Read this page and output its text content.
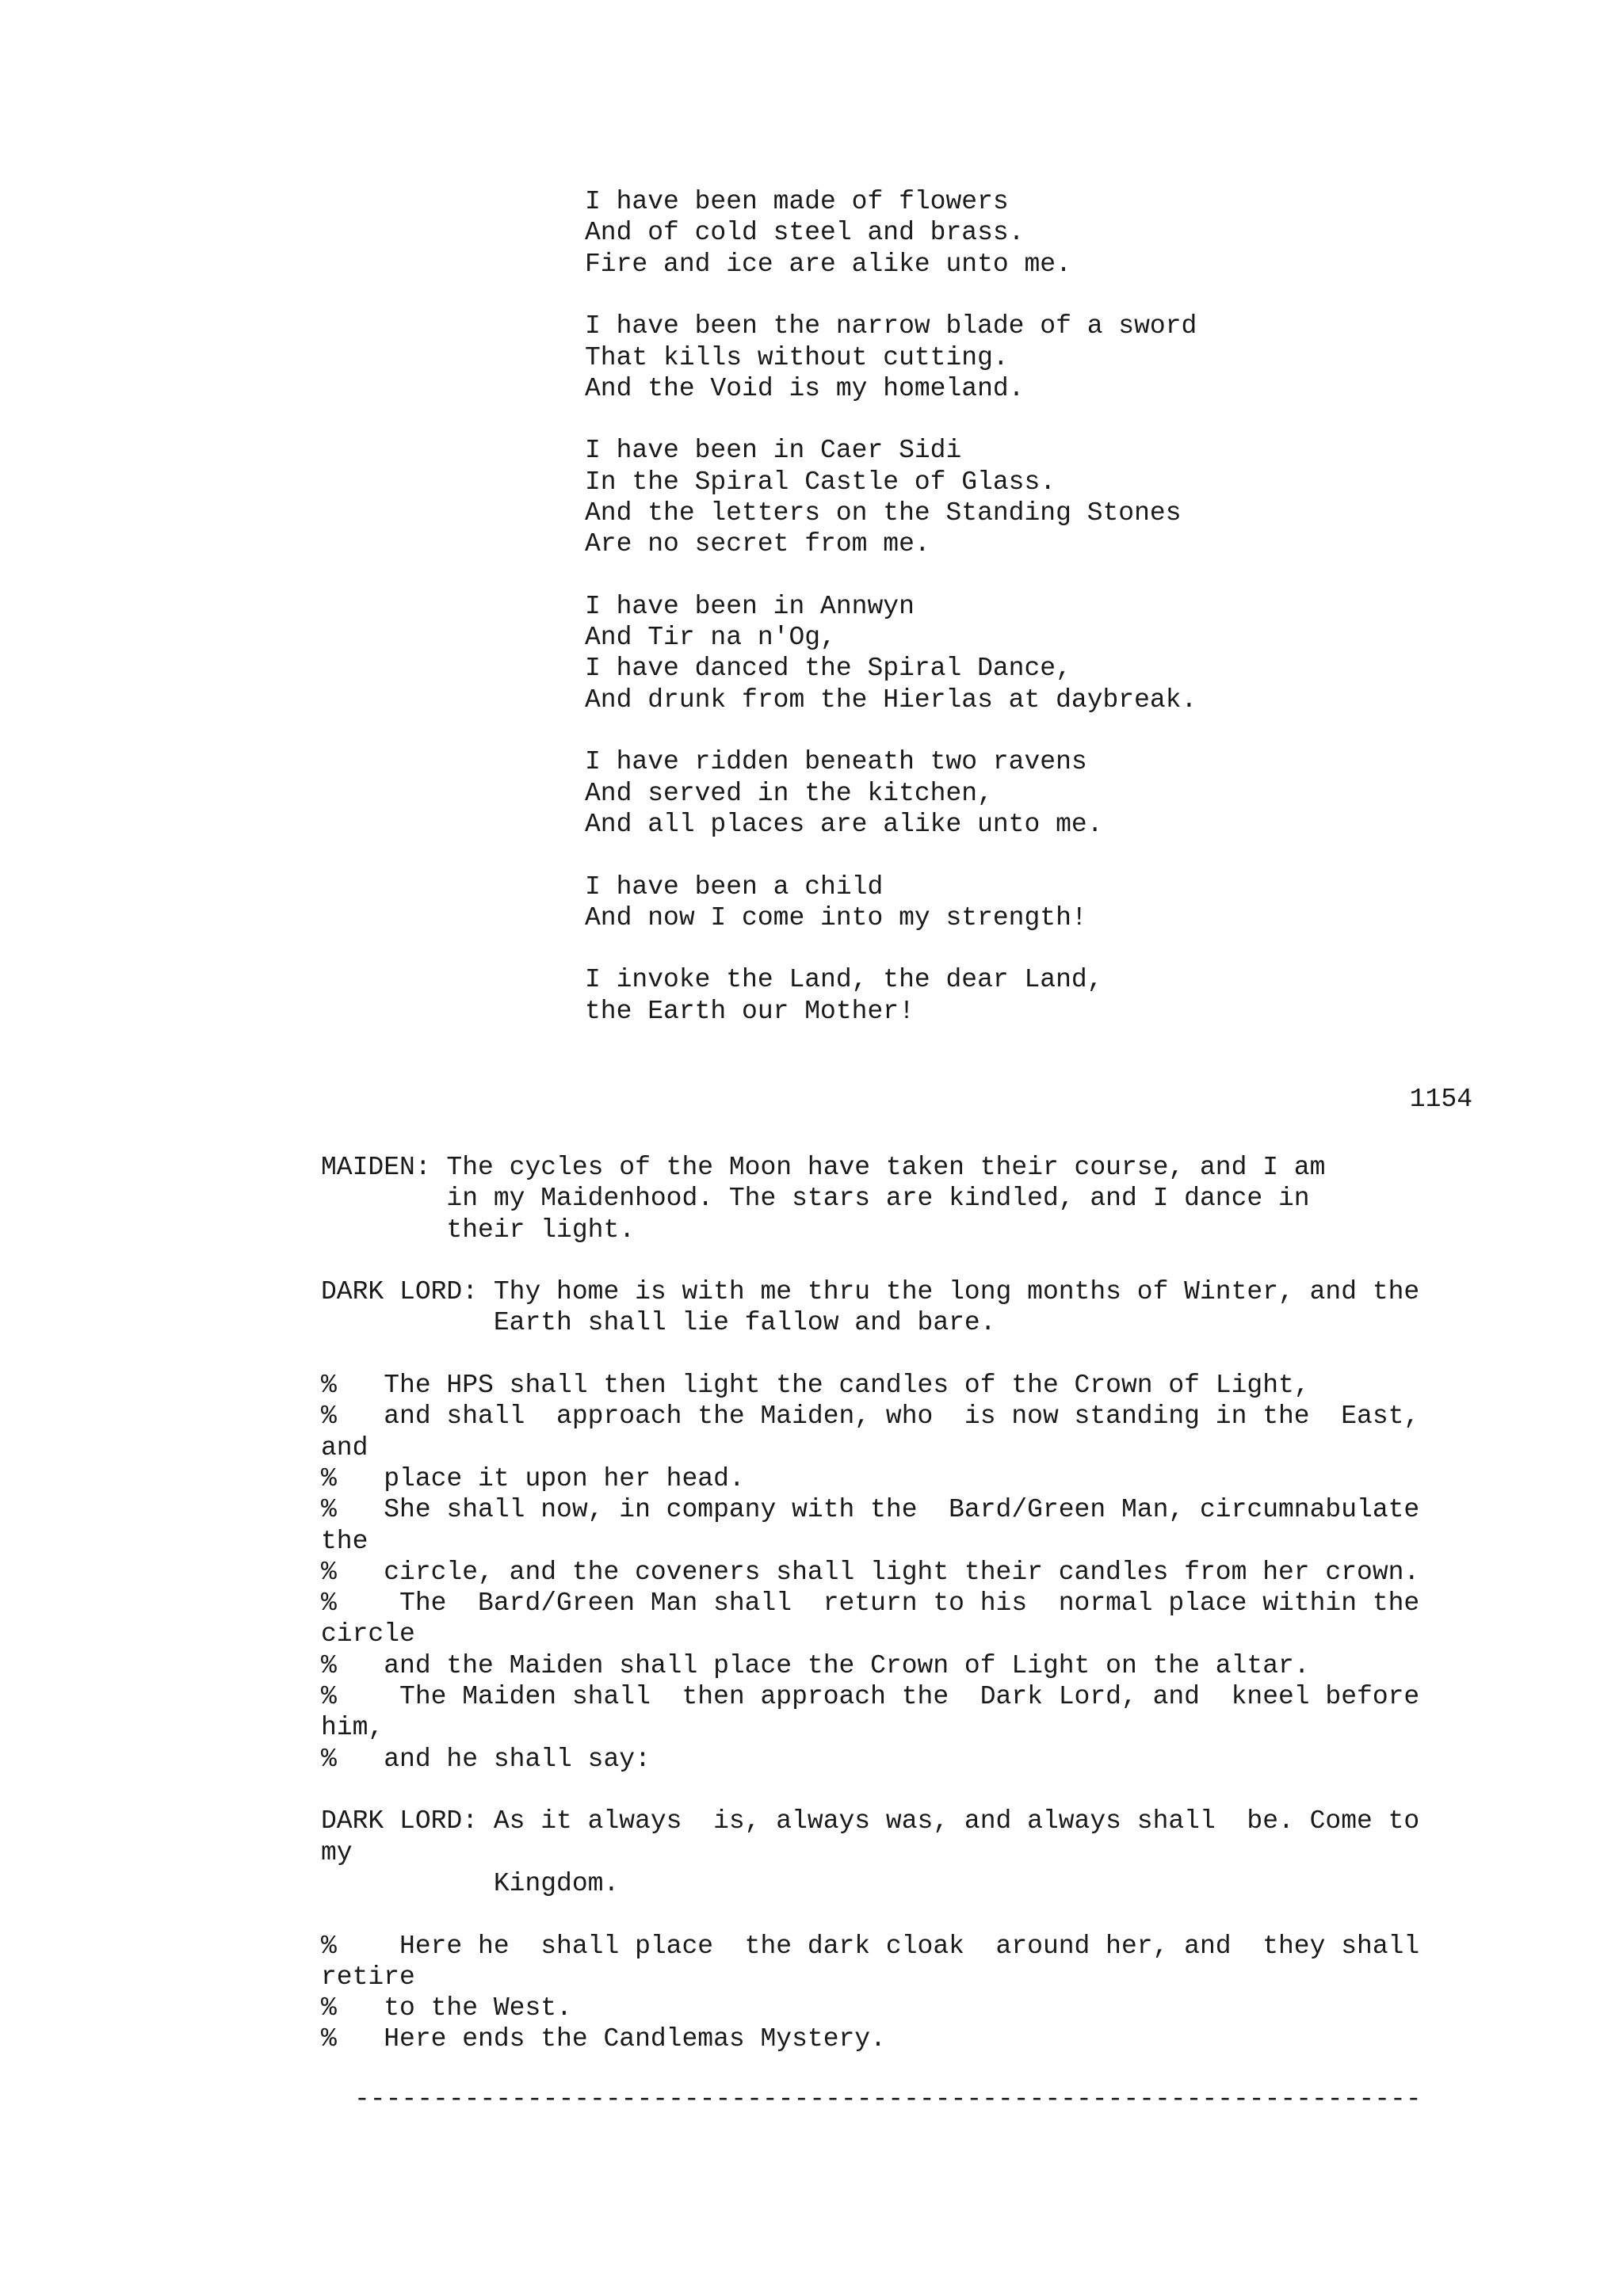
I have been made of flowers
And of cold steel and brass.
Fire and ice are alike unto me.
I have been the narrow blade of a sword
That kills without cutting.
And the Void is my homeland.
I have been in Caer Sidi
In the Spiral Castle of Glass.
And the letters on the Standing Stones
Are no secret from me.
I have been in Annwyn
And Tir na n'Og,
I have danced the Spiral Dance,
And drunk from the Hierlas at daybreak.
I have ridden beneath two ravens
And served in the kitchen,
And all places are alike unto me.
I have been a child
And now I come into my strength!
I invoke the Land, the dear Land,
the Earth our Mother!
1154
MAIDEN: The cycles of the Moon have taken their course, and I am
in my Maidenhood. The stars are kindled, and I dance in
their light.
DARK LORD: Thy home is with me thru the long months of Winter, and the
Earth shall lie fallow and bare.
%   The HPS shall then light the candles of the Crown of Light,
%   and shall  approach the Maiden, who  is now standing in the  East,
and
%   place it upon her head.
%   She shall now, in company with the  Bard/Green Man, circumnabulate
the
%   circle, and the coveners shall light their candles from her crown.
%    The  Bard/Green Man shall  return to his  normal place within the
circle
%   and the Maiden shall place the Crown of Light on the altar.
%    The Maiden shall  then approach the  Dark Lord, and  kneel before
him,
%   and he shall say:
DARK LORD: As it always  is, always was, and always shall  be. Come to
my
Kingdom.
%    Here he  shall place  the dark cloak  around her, and  they shall
retire
%   to the West.
%   Here ends the Candlemas Mystery.
--------------------------------------------------------------------
